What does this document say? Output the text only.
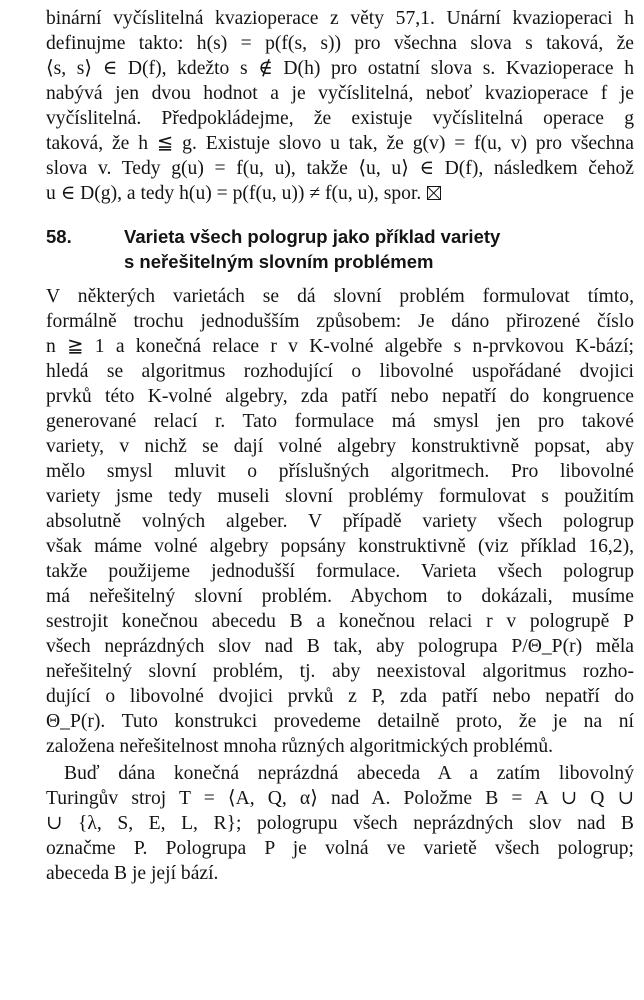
binární vyčíslitelná kvazioperace z věty 57,1. Unární kvazioperaci h
definujme takto: h(s) = p(f(s, s)) pro všechna slova s taková, že
⟨s, s⟩ ∈ D(f), kdežto s ∉ D(h) pro ostatní slova s. Kvazioperace h
nabývá jen dvou hodnot a je vyčíslitelná, neboť kvazioperace f je
vyčíslitelná. Předpokládejme, že existuje vyčíslitelná operace g
taková, že h ≦ g. Existuje slovo u tak, že g(v) = f(u, v) pro všechna
slova v. Tedy g(u) = f(u, u), takže ⟨u, u⟩ ∈ D(f), následkem čehož
u ∈ D(g), a tedy h(u) = p(f(u, u)) ≠ f(u, u), spor.

58.	Varieta všech pologrup jako příklad variety
s neřešitelným slovním problémem

V některých varietách se dá slovní problém formulovat tímto,
formálně trochu jednodušším způsobem: Je dáno přirozené číslo
n ≧ 1 a konečná relace r v K-volné algebře s n-prvkovou K-bází;
hledá se algoritmus rozhodující o libovolné uspořádané dvojici
prvků této K-volné algebry, zda patří nebo nepatří do kongruence
generované relací r. Tato formulace má smysl jen pro takové
variety, v nichž se dají volné algebry konstruktivně popsat, aby
mělo smysl mluvit o příslušných algoritmech. Pro libovolné
variety jsme tedy museli slovní problémy formulovat s použitím
absolutně volných algeber. V případě variety všech pologrup
však máme volné algebry popsány konstruktivně (viz příklad 16,2),
takže použijeme jednodušší formulace. Varieta všech pologrup
má neřešitelný slovní problém. Abychom to dokázali, musíme
sestrojit konečnou abecedu B a konečnou relaci r v pologrupě P
všech neprázdných slov nad B tak, aby pologrupa P/Θ_P(r) měla
neřešitelný slovní problém, tj. aby neexistoval algoritmus rozho-
dující o libovolné dvojici prvků z P, zda patří nebo nepatří do
Θ_P(r). Tuto konstrukci provedeme detailně proto, že je na ní
založena neřešitelnost mnoha různých algoritmických problémů.

Buď dána konečná neprázdná abeceda A a zatím libovolný
Turingův stroj T = ⟨A, Q, α⟩ nad A. Položme B = A ∪ Q ∪
∪ {λ, S, E, L, R}; pologrupu všech neprázdných slov nad B
označme P. Pologrupa P je volná ve varietě všech pologrup;
abeceda B je její bází.
